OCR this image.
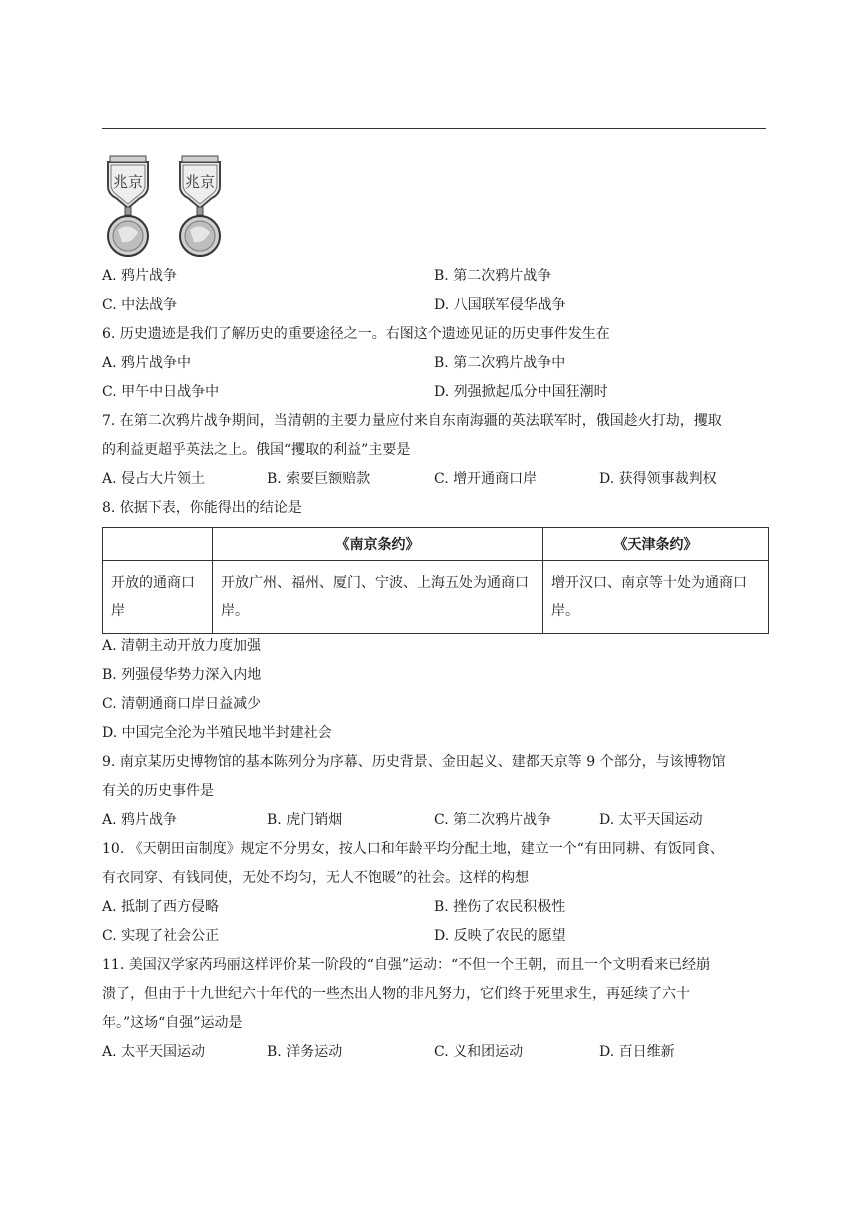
兆京	兆京
A. 鸦片战争	B. 第二次鸦片战争
C. 中法战争	D. 八国联军侵华战争
6. 历史遗迹是我们了解历史的重要途径之一。右图这个遗迹见证的历史事件发生在
A. 鸦片战争中	B. 第二次鸦片战争中
C. 甲午中日战争中	D. 列强掀起瓜分中国狂潮时
7. 在第二次鸦片战争期间，当清朝的主要力量应付来自东南海疆的英法联军时，俄国趁火打劫，攫取
的利益更超乎英法之上。俄国“攫取的利益”主要是
A. 侵占大片领土	B. 索要巨额赔款	C. 增开通商口岸	D. 获得领事裁判权
8. 依据下表，你能得出的结论是
	《南京条约》	《天津条约》
开放的通商口岸	开放广州、福州、厦门、宁波、上海五处为通商口岸。	增开汉口、南京等十处为通商口岸。
A. 清朝主动开放力度加强
B. 列强侵华势力深入内地
C. 清朝通商口岸日益减少
D. 中国完全沦为半殖民地半封建社会
9. 南京某历史博物馆的基本陈列分为序幕、历史背景、金田起义、建都天京等 9 个部分，与该博物馆
有关的历史事件是
A. 鸦片战争	B. 虎门销烟	C. 第二次鸦片战争	D. 太平天国运动
10. 《天朝田亩制度》规定不分男女，按人口和年龄平均分配土地，建立一个“有田同耕、有饭同食、
有衣同穿、有钱同使，无处不均匀，无人不饱暖”的社会。这样的构想
A. 抵制了西方侵略	B. 挫伤了农民积极性
C. 实现了社会公正	D. 反映了农民的愿望
11. 美国汉学家芮玛丽这样评价某一阶段的“自强”运动：“不但一个王朝，而且一个文明看来已经崩
溃了，但由于十九世纪六十年代的一些杰出人物的非凡努力，它们终于死里求生，再延续了六十
年。”这场“自强”运动是
A. 太平天国运动	B. 洋务运动	C. 义和团运动	D. 百日维新
